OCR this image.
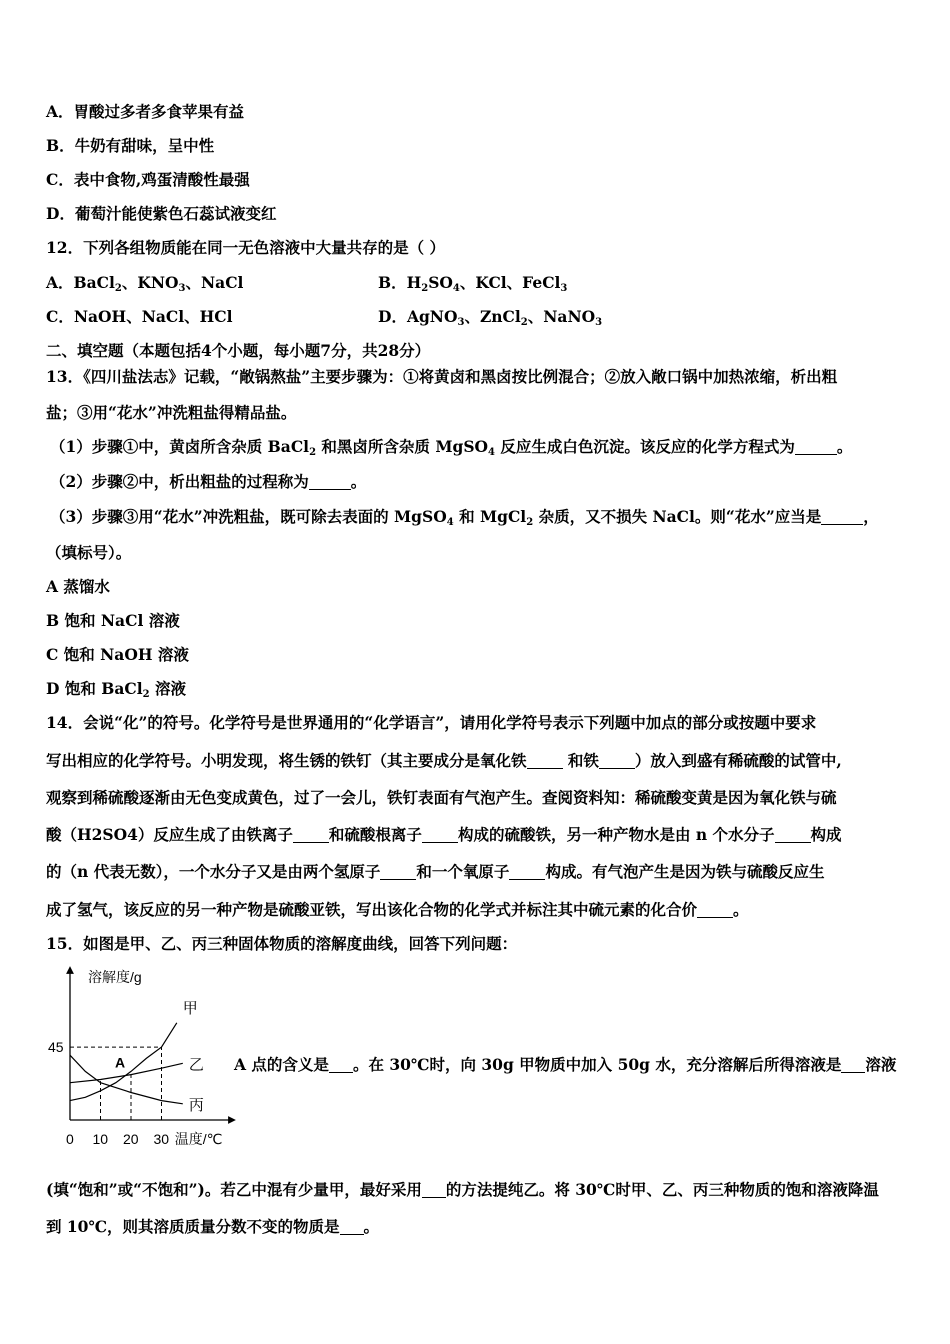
A．胃酸过多者多食苹果有益
B．牛奶有甜味，呈中性
C．表中食物,鸡蛋清酸性最强
D．葡萄汁能使紫色石蕊试液变红
12．下列各组物质能在同一无色溶液中大量共存的是（ ）
A．BaCl$_2$、$KNO_3$、NaCl	B．$H_2SO_4$、KCl、FeCl$_3$
C．NaOH、NaCl、HCl	D．AgNO$_3$、ZnCl$_2$、NaNO$_3$
二、填空题（本题包括4个小题，每小题7分，共28分）
13．《四川盐法志》记载，“敞锅熬盐”主要步骤为：①将黄卤和黑卤按比例混合；②放入敞口锅中加热浓缩，析出粗
盐；③用“花水”冲洗粗盐得精品盐。
（1）步骤①中，黄卤所含杂质 BaCl$_2$ 和黑卤所含杂质 MgSO$_4$ 反应生成白色沉淀。该反应的化学方程式为	。
（2）步骤②中，析出粗盐的过程称为	。
（3）步骤③用“花水”冲洗粗盐，既可除去表面的 MgSO$_4$ 和 MgCl$_2$ 杂质，又不损失 NaCl。则“花水”应当是	，
（填标号）。
A 蒸馏水
B 饱和 NaCl 溶液
C 饱和 NaOH 溶液
D 饱和 BaCl$_2$ 溶液
14．会说“化”的符号。化学符号是世界通用的“化学语言”，请用化学符号表示下列题中加点的部分或按题中要求
写出相应的化学符号。小明发现，将生锈的铁钉（其主要成分是氧化铁 和铁 ）放入到盛有稀硫酸的试管中,
观察到稀硫酸逐渐由无色变成黄色，过了一会儿，铁钉表面有气泡产生。查阅资料知：稀硫酸变黄是因为氧化铁与硫
酸（H2SO4）反应生成了由铁离子 和硫酸根离子 构成的硫酸铁，另一种产物水是由 n 个水分子 构成
的（n 代表无数），一个水分子又是由两个氢原子 和一个氧原子 构成。有气泡产生是因为铁与硫酸反应生
成了氢气，该反应的另一种产物是硫酸亚铁，写出该化合物的化学式并标注其中硫元素的化合价 。
15．如图是甲、乙、丙三种固体物质的溶解度曲线，回答下列问题：
甲
乙
丙
0 10 20 30
45
溶解度/g
温度/℃
A	A 点的含义是 。在 30℃时，向 30g 甲物质中加入 50g 水，充分溶解后所得溶液是 溶液
(填“饱和”或“不饱和”)。若乙中混有少量甲，最好采用 的方法提纯乙。将 30℃时甲、乙、丙三种物质的饱和溶液降温
到 10℃，则其溶质质量分数不变的物质是 。
